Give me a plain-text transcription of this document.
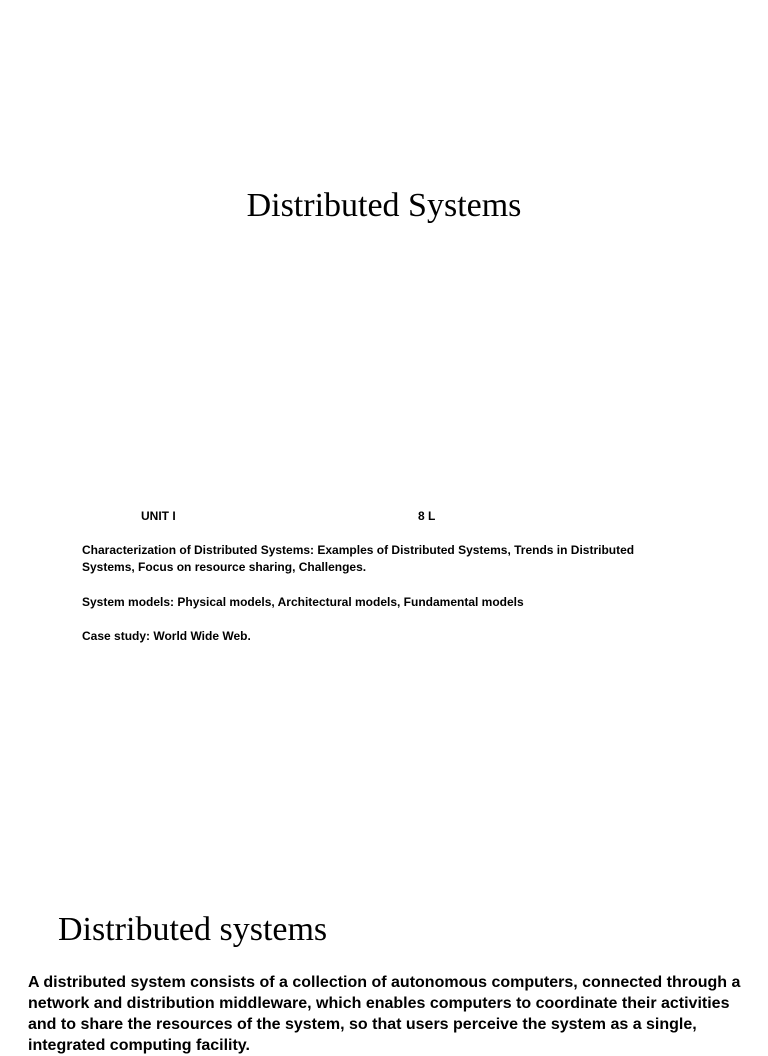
Distributed Systems
UNIT I	8 L

Characterization of Distributed Systems: Examples of Distributed Systems, Trends in Distributed Systems, Focus on resource sharing, Challenges.

System models: Physical models, Architectural models, Fundamental models

Case study: World Wide Web.

Distributed systems

A distributed system consists of a collection of autonomous computers, connected through a network and distribution middleware, which enables computers to coordinate their activities and to share the resources of the system, so that users perceive the system as a single, integrated computing facility.
